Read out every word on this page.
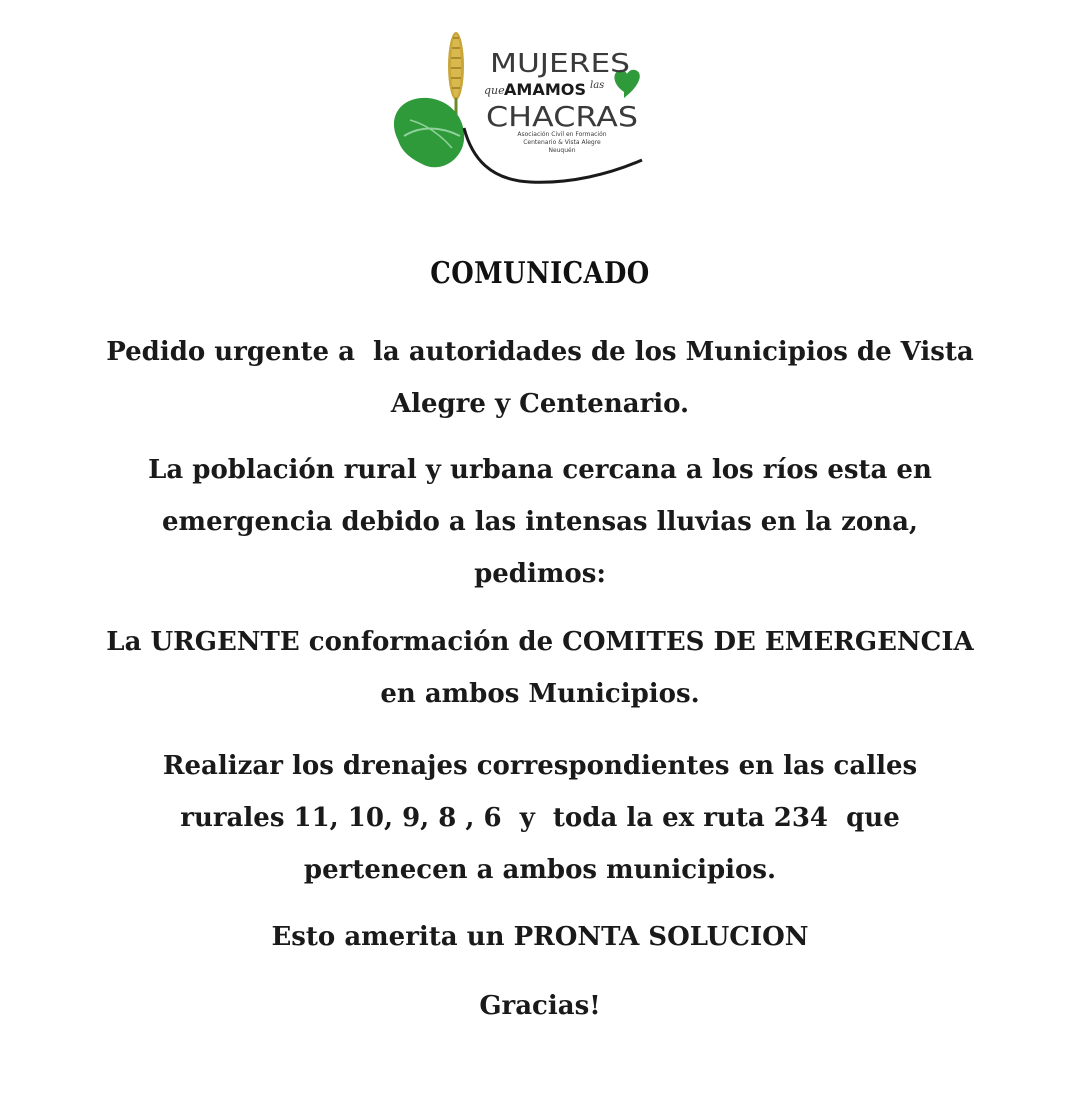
MUJERES
que AMAMOS las
CHACRAS
Asociación Civil en Formación
Centenario & Vista Alegre
Neuquén
COMUNICADO
Pedido urgente a  la autoridades de los Municipios de Vista
Alegre y Centenario.
La población rural y urbana cercana a los ríos esta en
emergencia debido a las intensas lluvias en la zona,
pedimos:
La URGENTE conformación de COMITES DE EMERGENCIA
en ambos Municipios.
Realizar los drenajes correspondientes en las calles
rurales 11, 10, 9, 8 , 6  y  toda la ex ruta 234  que
pertenecen a ambos municipios.
Esto amerita un PRONTA SOLUCION
Gracias!
